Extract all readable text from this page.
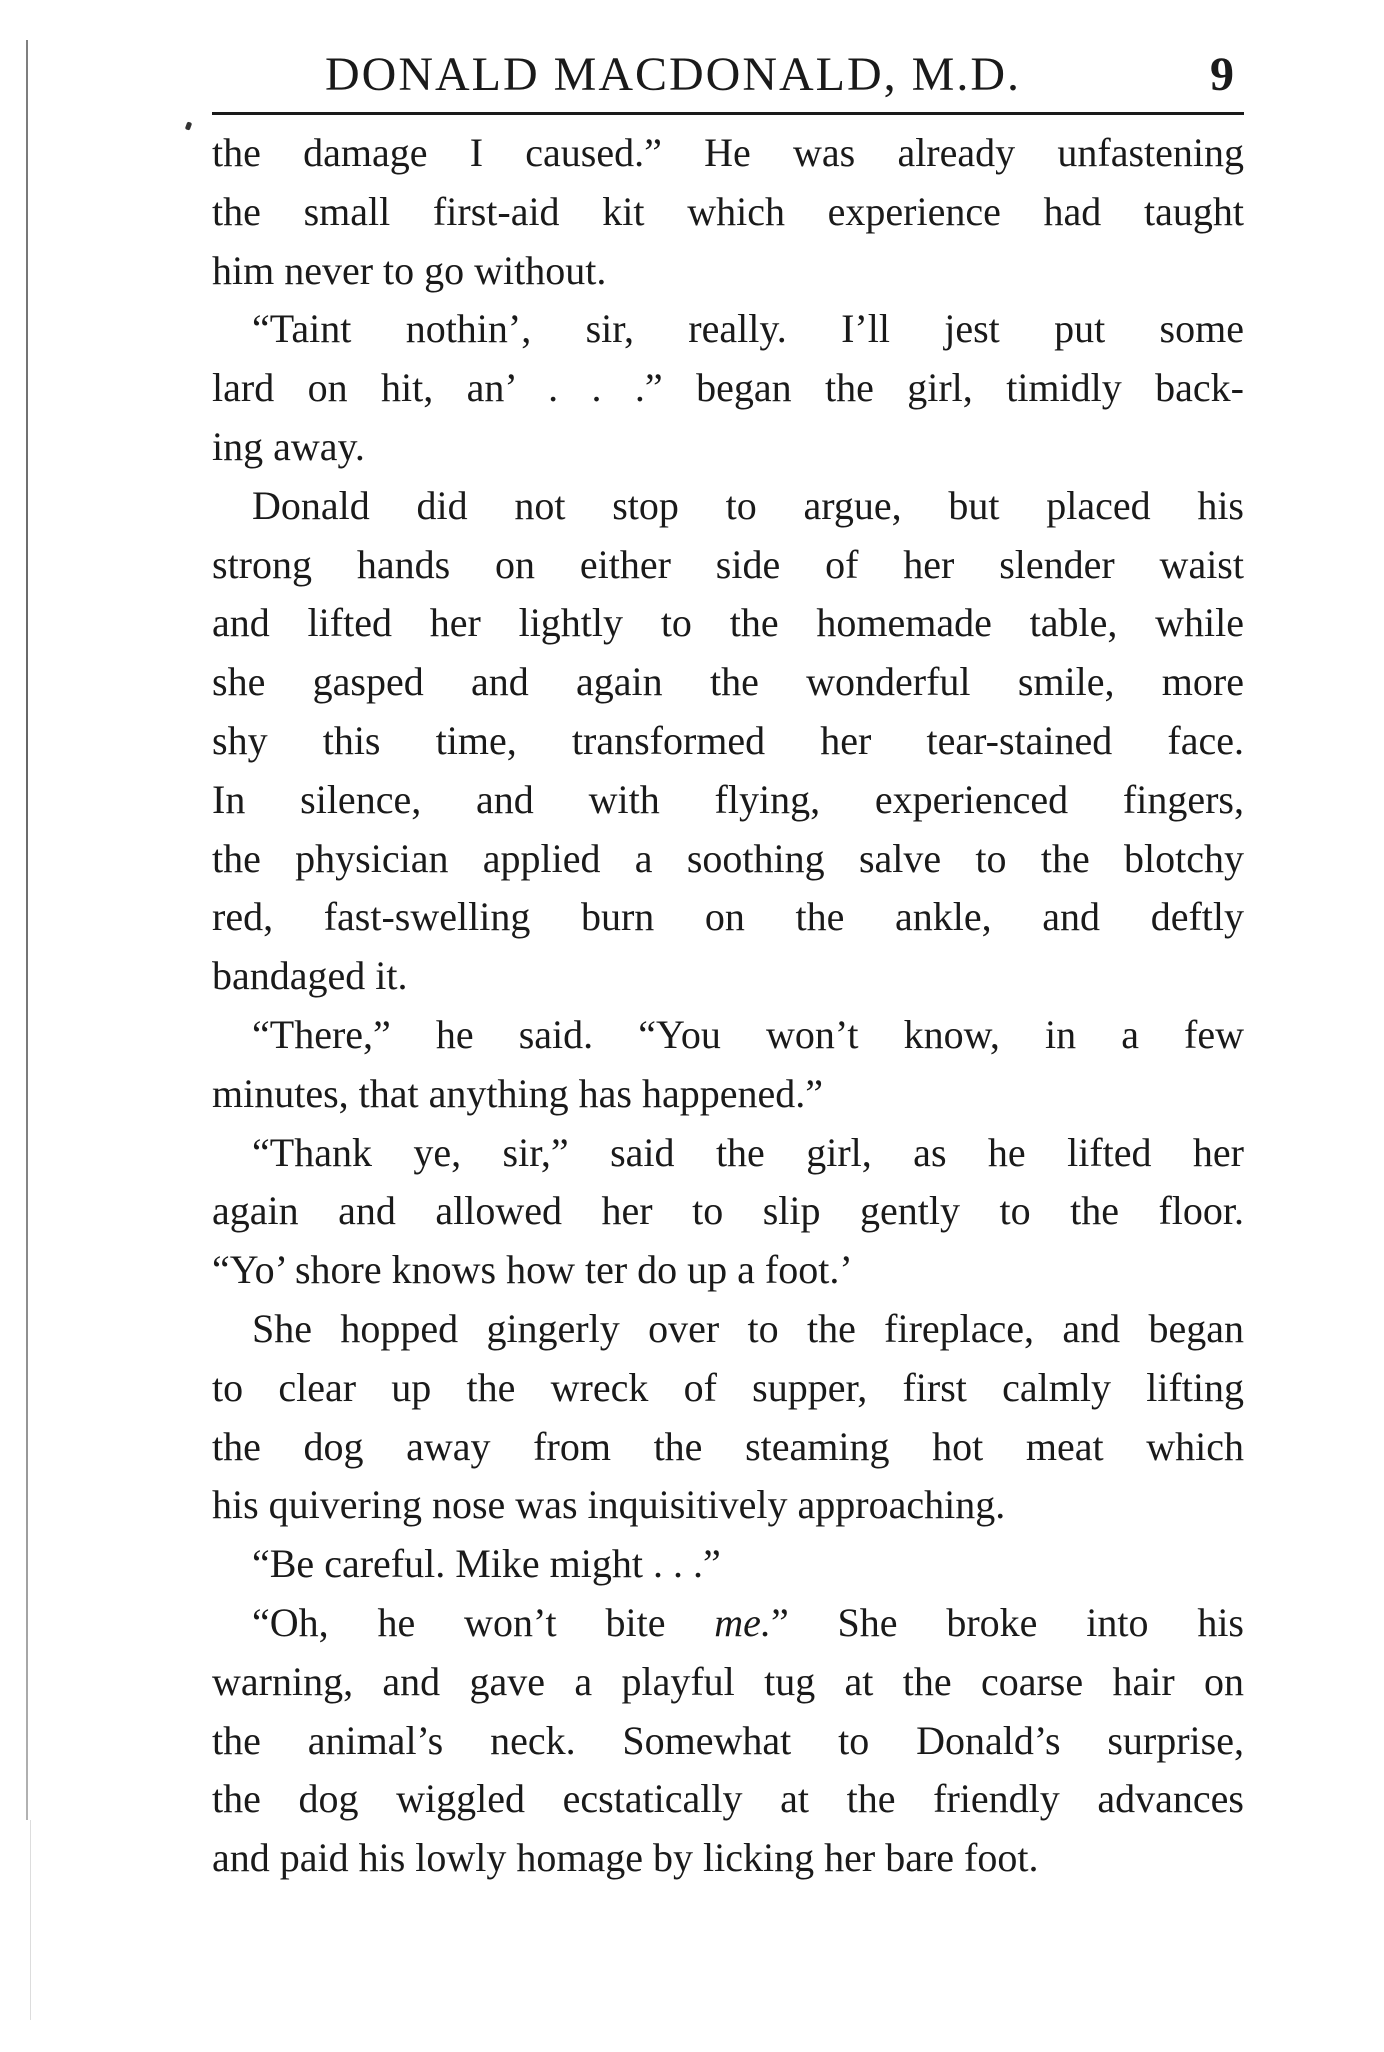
DONALD MACDONALD, M.D.	9
the damage I caused.” He was already unfastening
the small first-aid kit which experience had taught
him never to go without.
“Taint nothin’, sir, really. I’ll jest put some
lard on hit, an’ . . .” began the girl, timidly back-
ing away.
Donald did not stop to argue, but placed his
strong hands on either side of her slender waist
and lifted her lightly to the homemade table, while
she gasped and again the wonderful smile, more
shy this time, transformed her tear-stained face.
In silence, and with flying, experienced fingers,
the physician applied a soothing salve to the blotchy
red, fast-swelling burn on the ankle, and deftly
bandaged it.
“There,” he said. “You won’t know, in a few
minutes, that anything has happened.”
“Thank ye, sir,” said the girl, as he lifted her
again and allowed her to slip gently to the floor.
“Yo’ shore knows how ter do up a foot.’
She hopped gingerly over to the fireplace, and began
to clear up the wreck of supper, first calmly lifting
the dog away from the steaming hot meat which
his quivering nose was inquisitively approaching.
“Be careful. Mike might . . .”
“Oh, he won’t bite me.” She broke into his
warning, and gave a playful tug at the coarse hair on
the animal’s neck. Somewhat to Donald’s surprise,
the dog wiggled ecstatically at the friendly advances
and paid his lowly homage by licking her bare foot.
